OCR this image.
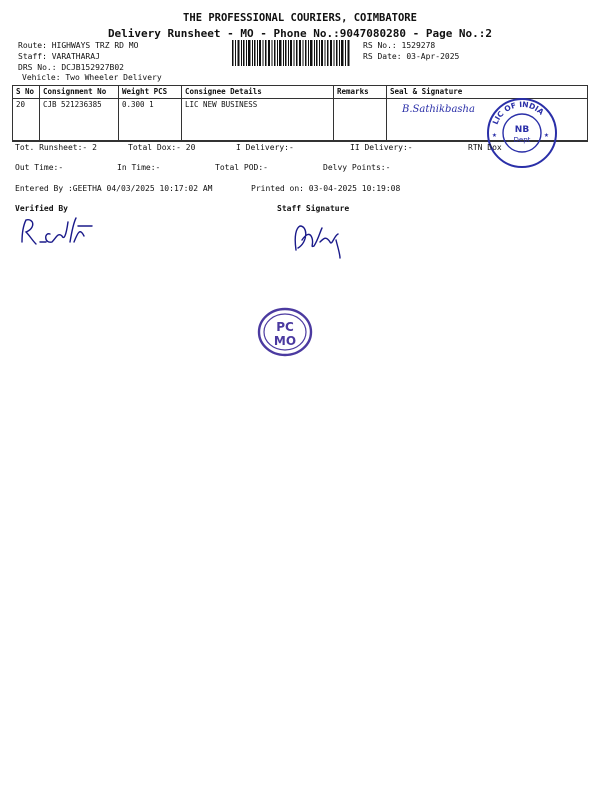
THE PROFESSIONAL COURIERS, COIMBATORE
Delivery Runsheet - MO - Phone No.:9047080280 - Page No.:2
Route: HIGHWAYS TRZ RD MO
Staff: VARATHARAJ
DRS No.: DCJB152927B02
Vehicle: Two Wheeler Delivery
RS No.: 1529278
RS Date: 03-Apr-2025
S No	Consignment No	Weight PCS	Consignee Details	Remarks	Seal & Signature
20	CJB 521236385	0.300 1	LIC NEW BUSINESS			B.Sathikbasha
LIC OF INDIA
NB
Dept
★	★
Tot. Runsheet:- 2	Total Dox:- 20	I Delivery:-	II Delivery:-	RTN Dox
Out Time:-	In Time:-	Total POD:-	Delvy Points:-
Entered By :GEETHA 04/03/2025 10:17:02 AM	Printed on: 03-04-2025 10:19:08
Verified By	Staff Signature
PC
MO
